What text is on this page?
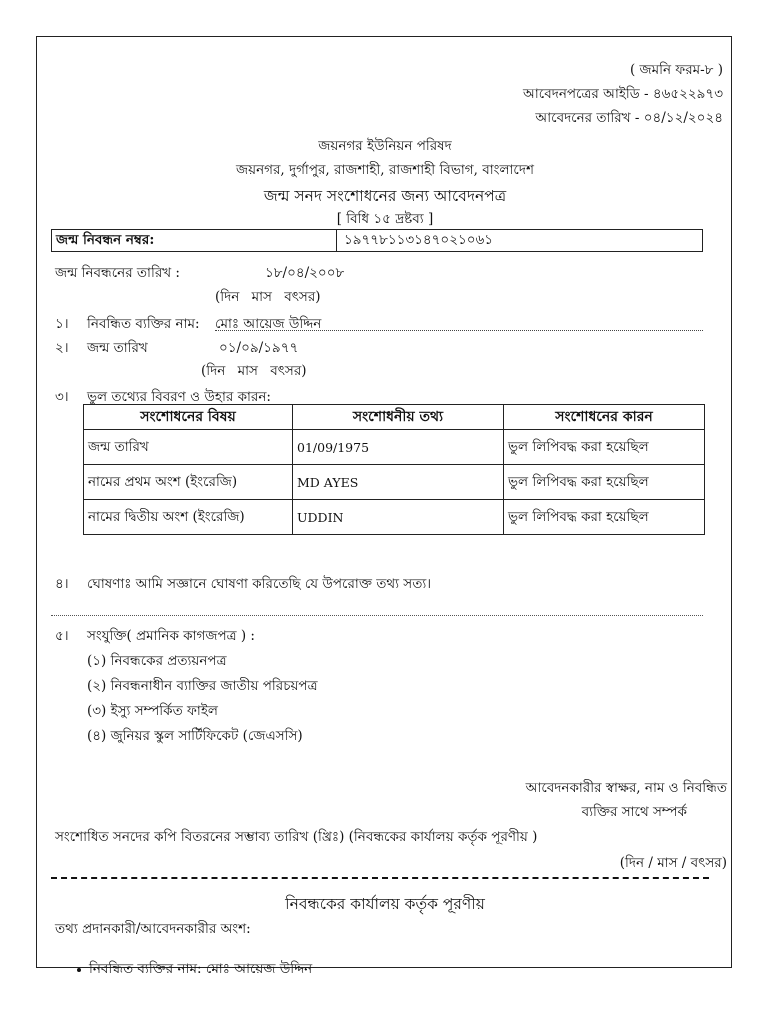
( জমনি ফরম-৮ )
আবেদনপত্রের আইডি - ৪৬৫২২৯৭৩
আবেদনের তারিখ - ০৪/১২/২০২৪
জয়নগর ইউনিয়ন পরিষদ
জয়নগর, দুর্গাপুর, রাজশাহী, রাজশাহী বিভাগ, বাংলাদেশ
জন্ম সনদ সংশোধনের জন্য আবেদনপত্র
[ বিধি ১৫ দ্রষ্টব্য ]
জন্ম নিবন্ধন নম্বর:	১৯৭৭৮১১৩১৪৭০২১০৬১
জন্ম নিবন্ধনের তারিখ :	১৮/০৪/২০০৮
(দিন মাস বৎসর)
১। নিবন্ধিত ব্যক্তির নাম: মোঃ আয়েজ উদ্দিন
২। জন্ম তারিখ	০১/০৯/১৯৭৭
(দিন মাস বৎসর)
৩। ভুল তথ্যের বিবরণ ও উহার কারন:
সংশোধনের বিষয়	সংশোধনীয় তথ্য	সংশোধনের কারন
জন্ম তারিখ	01/09/1975	ভুল লিপিবদ্ধ করা হয়েছিল
নামের প্রথম অংশ (ইংরেজি)	MD AYES	ভুল লিপিবদ্ধ করা হয়েছিল
নামের দ্বিতীয় অংশ (ইংরেজি)	UDDIN	ভুল লিপিবদ্ধ করা হয়েছিল
৪। ঘোষণাঃ আমি সজ্ঞানে ঘোষণা করিতেছি যে উপরোক্ত তথ্য সত্য।
৫। সংযুক্তি( প্রমানিক কাগজপত্র ) :
(১) নিবন্ধকের প্রত্যয়নপত্র
(২) নিবন্ধনাধীন ব্যাক্তির জাতীয় পরিচয়পত্র
(৩) ইস্যু সম্পর্কিত ফাইল
(৪) জুনিয়র স্কুল সার্টিফিকেট (জেএসসি)
আবেদনকারীর স্বাক্ষর, নাম ও নিবন্ধিত
ব্যক্তির সাথে সম্পর্ক
সংশোধিত সনদের কপি বিতরনের সম্ভাব্য তারিখ (খ্রিঃ) (নিবন্ধকের কার্যালয় কর্তৃক পূরণীয় )
(দিন / মাস / বৎসর)
নিবন্ধকের কার্যালয় কর্তৃক পূরণীয়
তথ্য প্রদানকারী/আবেদনকারীর অংশ:
নিবন্ধিত ব্যক্তির নাম: মোঃ আয়েজ উদ্দিন
